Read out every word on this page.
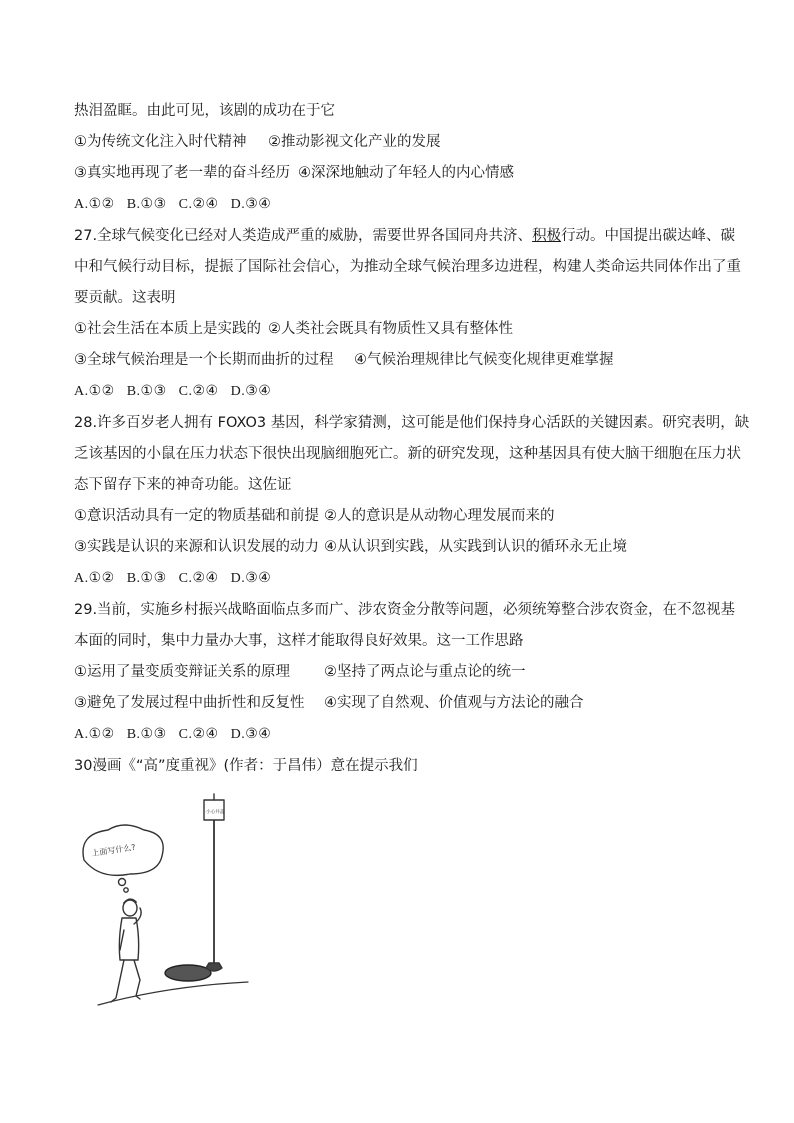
热泪盈眶。由此可见，该剧的成功在于它
①为传统文化注入时代精神 ②推动影视文化产业的发展
③真实地再现了老一辈的奋斗经历 ④深深地触动了年轻人的内心情感
A.①② B.①③ C.②④ D.③④
27.全球气候变化已经对人类造成严重的威胁，需要世界各国同舟共济、积极行动。中国提出碳达峰、碳
中和气候行动目标，提振了国际社会信心，为推动全球气候治理多边进程，构建人类命运共同体作出了重
要贡献。这表明
①社会生活在本质上是实践的 ②人类社会既具有物质性又具有整体性
③全球气候治理是一个长期而曲折的过程 ④气候治理规律比气候变化规律更难掌握
A.①② B.①③ C.②④ D.③④
28.许多百岁老人拥有 FOXO3 基因，科学家猜测，这可能是他们保持身心活跃的关键因素。研究表明，缺
乏该基因的小鼠在压力状态下很快出现脑细胞死亡。新的研究发现，这种基因具有使大脑干细胞在压力状
态下留存下来的神奇功能。这佐证
①意识活动具有一定的物质基础和前提 ②人的意识是从动物心理发展而来的
③实践是认识的来源和认识发展的动力 ④从认识到实践，从实践到认识的循环永无止境
A.①② B.①③ C.②④ D.③④
29.当前，实施乡村振兴战略面临点多而广、涉农资金分散等问题，必须统筹整合涉农资金，在不忽视基
本面的同时，集中力量办大事，这样才能取得良好效果。这一工作思路
①运用了量变质变辩证关系的原理 ②坚持了两点论与重点论的统一
③避免了发展过程中曲折性和反复性 ④实现了自然观、价值观与方法论的融合
A.①② B.①③ C.②④ D.③④
30漫画《“高”度重视》(作者：于昌伟）意在提示我们
上面写什么?
小心井盖
